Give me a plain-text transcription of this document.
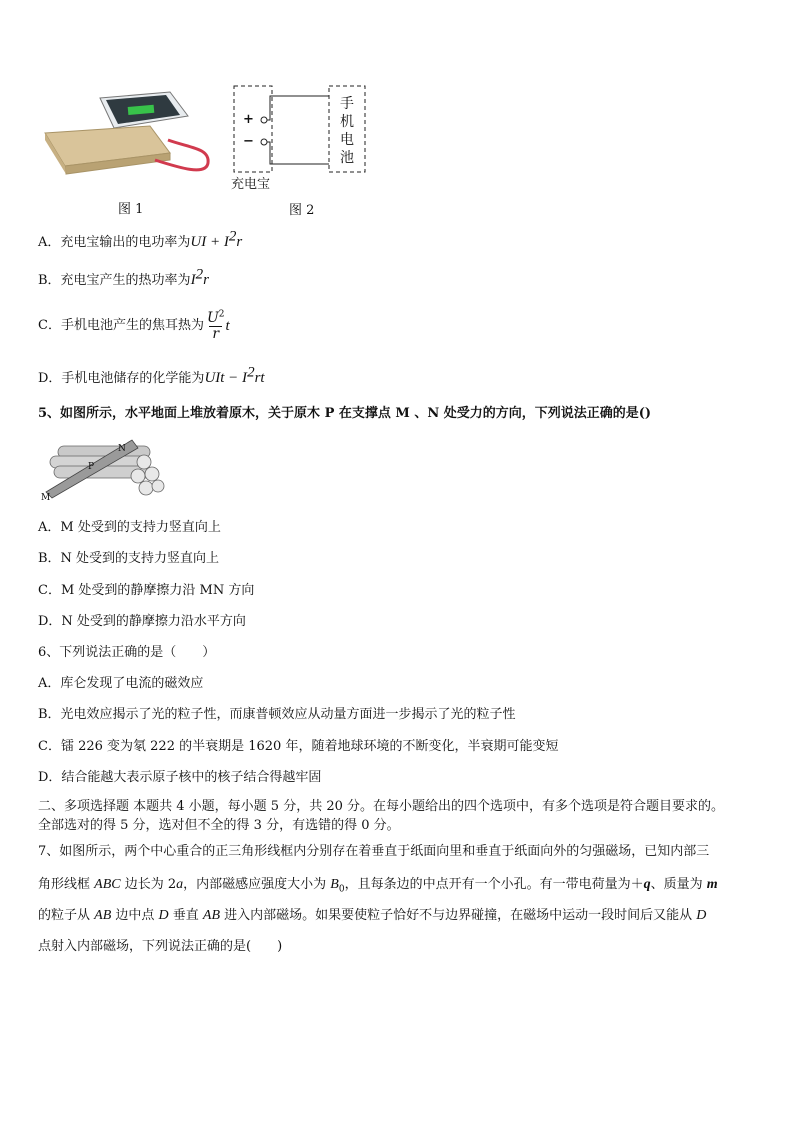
图 1
+
−
手
机
电
池
充电宝
图 2
A．充电宝输出的电功率为UI + $I^2r$
B．充电宝产生的热功率为$I^2r$
C．手机电池产生的焦耳热为 $\frac{U^2}{r}$ t
D．手机电池储存的化学能为UIt − $I^2rt$
5、如图所示，水平地面上堆放着原木，关于原木 P 在支撑点 M 、N 处受力的方向，下列说法正确的是()
M
N
P
A．M 处受到的支持力竖直向上
B．N 处受到的支持力竖直向上
C．M 处受到的静摩擦力沿 MN 方向
D．N 处受到的静摩擦力沿水平方向
6、下列说法正确的是（　　）
A．库仑发现了电流的磁效应
B．光电效应揭示了光的粒子性，而康普顿效应从动量方面进一步揭示了光的粒子性
C．镭 226 变为氡 222 的半衰期是 1620 年，随着地球环境的不断变化，半衰期可能变短
D．结合能越大表示原子核中的核子结合得越牢固
二、多项选择题 本题共 4 小题，每小题 5 分，共 20 分。在每小题给出的四个选项中，有多个选项是符合题目要求的。
全部选对的得 5 分，选对但不全的得 3 分，有选错的得 0 分。
7、如图所示，两个中心重合的正三角形线框内分别存在着垂直于纸面向里和垂直于纸面向外的匀强磁场，已知内部三
角形线框 ABC 边长为 2a，内部磁感应强度大小为 $B_0$，且每条边的中点开有一个小孔。有一带电荷量为＋q、质量为 m
的粒子从 AB 边中点 D 垂直 AB 进入内部磁场。如果要使粒子恰好不与边界碰撞，在磁场中运动一段时间后又能从 D
点射入内部磁场，下列说法正确的是(　　)
